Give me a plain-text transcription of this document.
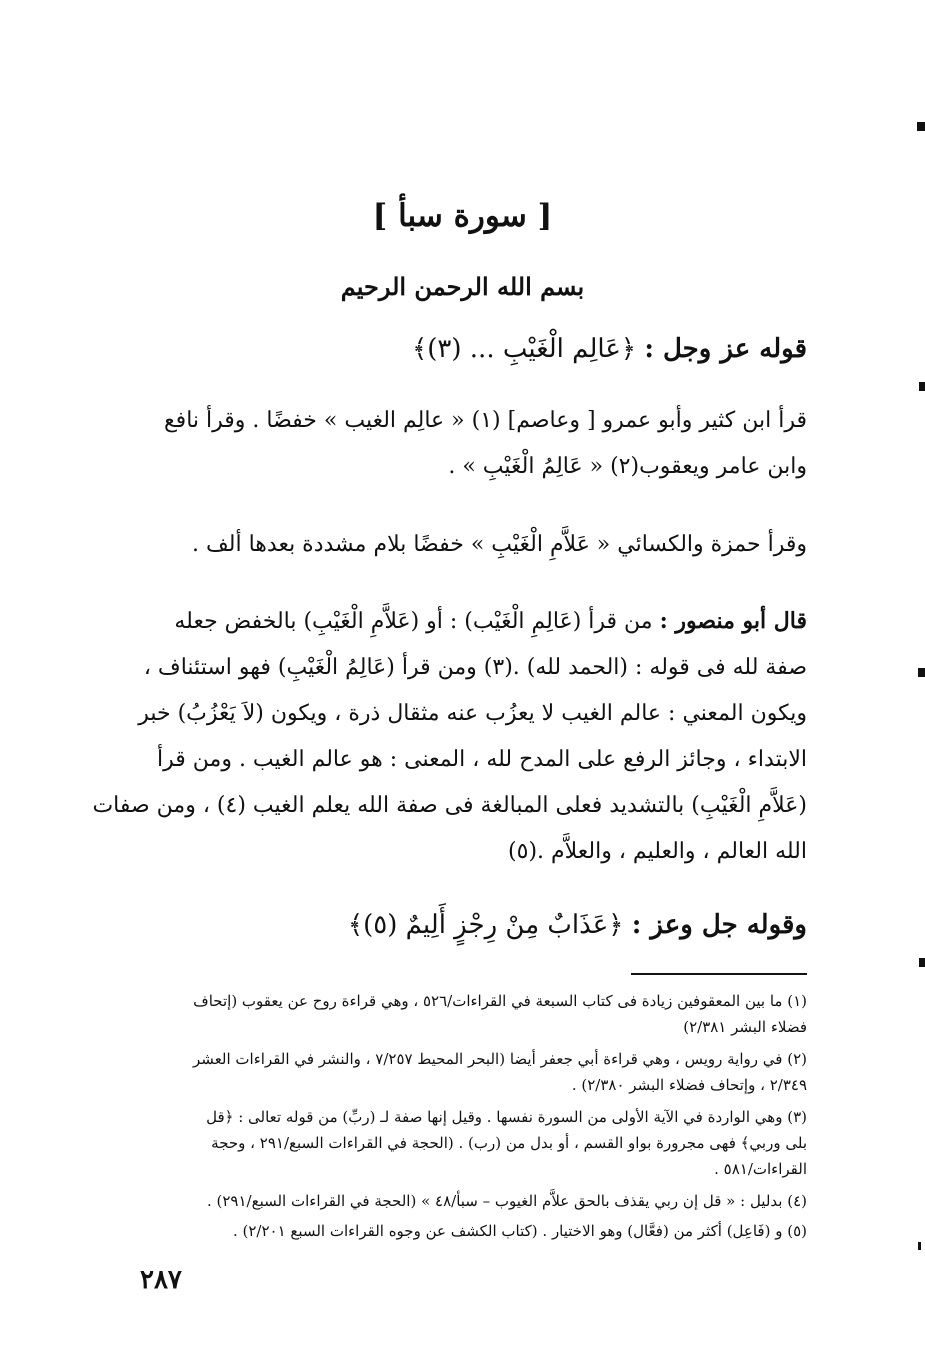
[ سورة سبأ ]
بسم الله الرحمن الرحيم
قوله عز وجل : ﴿عَالِم الْغَيْبِ ... (٣)﴾
قرأ ابن كثير وأبو عمرو [ وعاصم] (١) « عالِم الغيب » خفضًا . وقرأ نافع
وابن عامر ويعقوب(٢) « عَالِمُ الْغَيْبِ » .
وقرأ حمزة والكسائي « عَلاَّمِ الْغَيْبِ » خفضًا بلام مشددة بعدها ألف .
قال أبو منصور : من قرأ (عَالِمِ الْغَيْب) : أو (عَلاَّمِ الْغَيْبِ) بالخفض جعله
صفة لله فى قوله : (الحمد لله) .(٣) ومن قرأ (عَالِمُ الْغَيْبِ) فهو استئناف ،
ويكون المعني : عالم الغيب لا يعزُب عنه مثقال ذرة ، ويكون (لاَ يَعْزُبُ) خبر
الابتداء ، وجائز الرفع على المدح لله ، المعنى : هو عالم الغيب . ومن قرأ
(عَلاَّمِ الْغَيْبِ) بالتشديد فعلى المبالغة فى صفة الله يعلم الغيب (٤) ، ومن صفات
الله العالم ، والعليم ، والعلاَّم .(٥)
وقوله جل وعز : ﴿عَذَابٌ مِنْ رِجْزٍ أَلِيمٌ (٥)﴾
(١) ما بين المعقوفين زيادة فى كتاب السبعة في القراءات/٥٢٦ ، وهي قراءة روح عن يعقوب (إتحاف
فضلاء البشر ٢/٣٨١)
(٢) في رواية رويس ، وهي قراءة أبي جعفر أيضا (البحر المحيط ٧/٢٥٧ ، والنشر في القراءات العشر
٢/٣٤٩ ، وإتحاف فضلاء البشر ٢/٣٨٠) .
(٣) وهي الواردة في الآية الأولى من السورة نفسها . وقيل إنها صفة لـ (ربِّ) من قوله تعالى : ﴿قل
بلى وربي﴾ فهى مجرورة بواو القسم ، أو بدل من (رب) . (الحجة في القراءات السبع/٢٩١ ، وحجة
القراءات/٥٨١ .
(٤) بدليل : « قل إن ربي يقذف بالحق علاَّم الغيوب – سبأ/٤٨ » (الحجة في القراءات السبع/٢٩١) .
(٥) و (فَاعِل) أكثر من (فعَّال) وهو الاختيار . (كتاب الكشف عن وجوه القراءات السبع ٢/٢٠١) .
٢٨٧
